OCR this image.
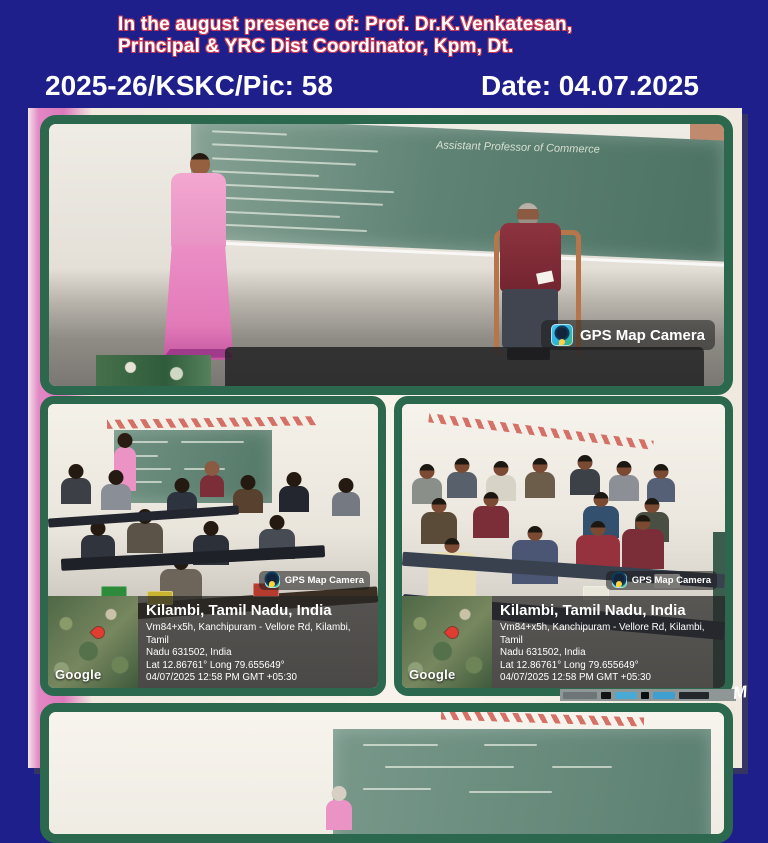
In the august presence of: Prof. Dr.K.Venkatesan,
Principal & YRC Dist Coordinator, Kpm, Dt.
2025-26/KSKC/Pic: 58	Date: 04.07.2025
Assistant Professor of Commerce
GPS Map Camera
GPS Map Camera
Google
Kilambi, Tamil Nadu, India
Vm84+x5h, Kanchipuram - Vellore Rd, Kilambi, Tamil
Nadu 631502, India
Lat 12.86761° Long 79.655649°
04/07/2025 12:58 PM GMT +05:30
GPS Map Camera
Google
Kilambi, Tamil Nadu, India
Vm84+x5h, Kanchipuram - Vellore Rd, Kilambi, Tamil
Nadu 631502, India
Lat 12.86761° Long 79.655649°
04/07/2025 12:58 PM GMT +05:30
M
